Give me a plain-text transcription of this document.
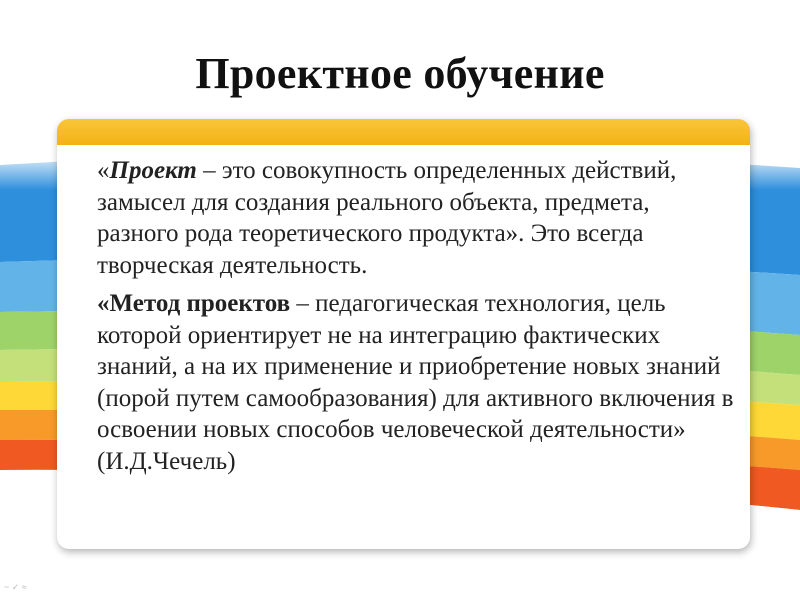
Проектное обучение

«Проект – это совокупность определенных действий, замысел для создания реального объекта, предмета, разного рода теоретического продукта». Это всегда творческая деятельность.

«Метод проектов – педагогическая технология, цель которой ориентирует не на интеграцию фактических знаний, а на их применение и приобретение новых знаний (порой путем самообразования) для активного включения в освоении новых способов человеческой деятельности» (И.Д.Чечель)

▫
~ ✓ ≈
